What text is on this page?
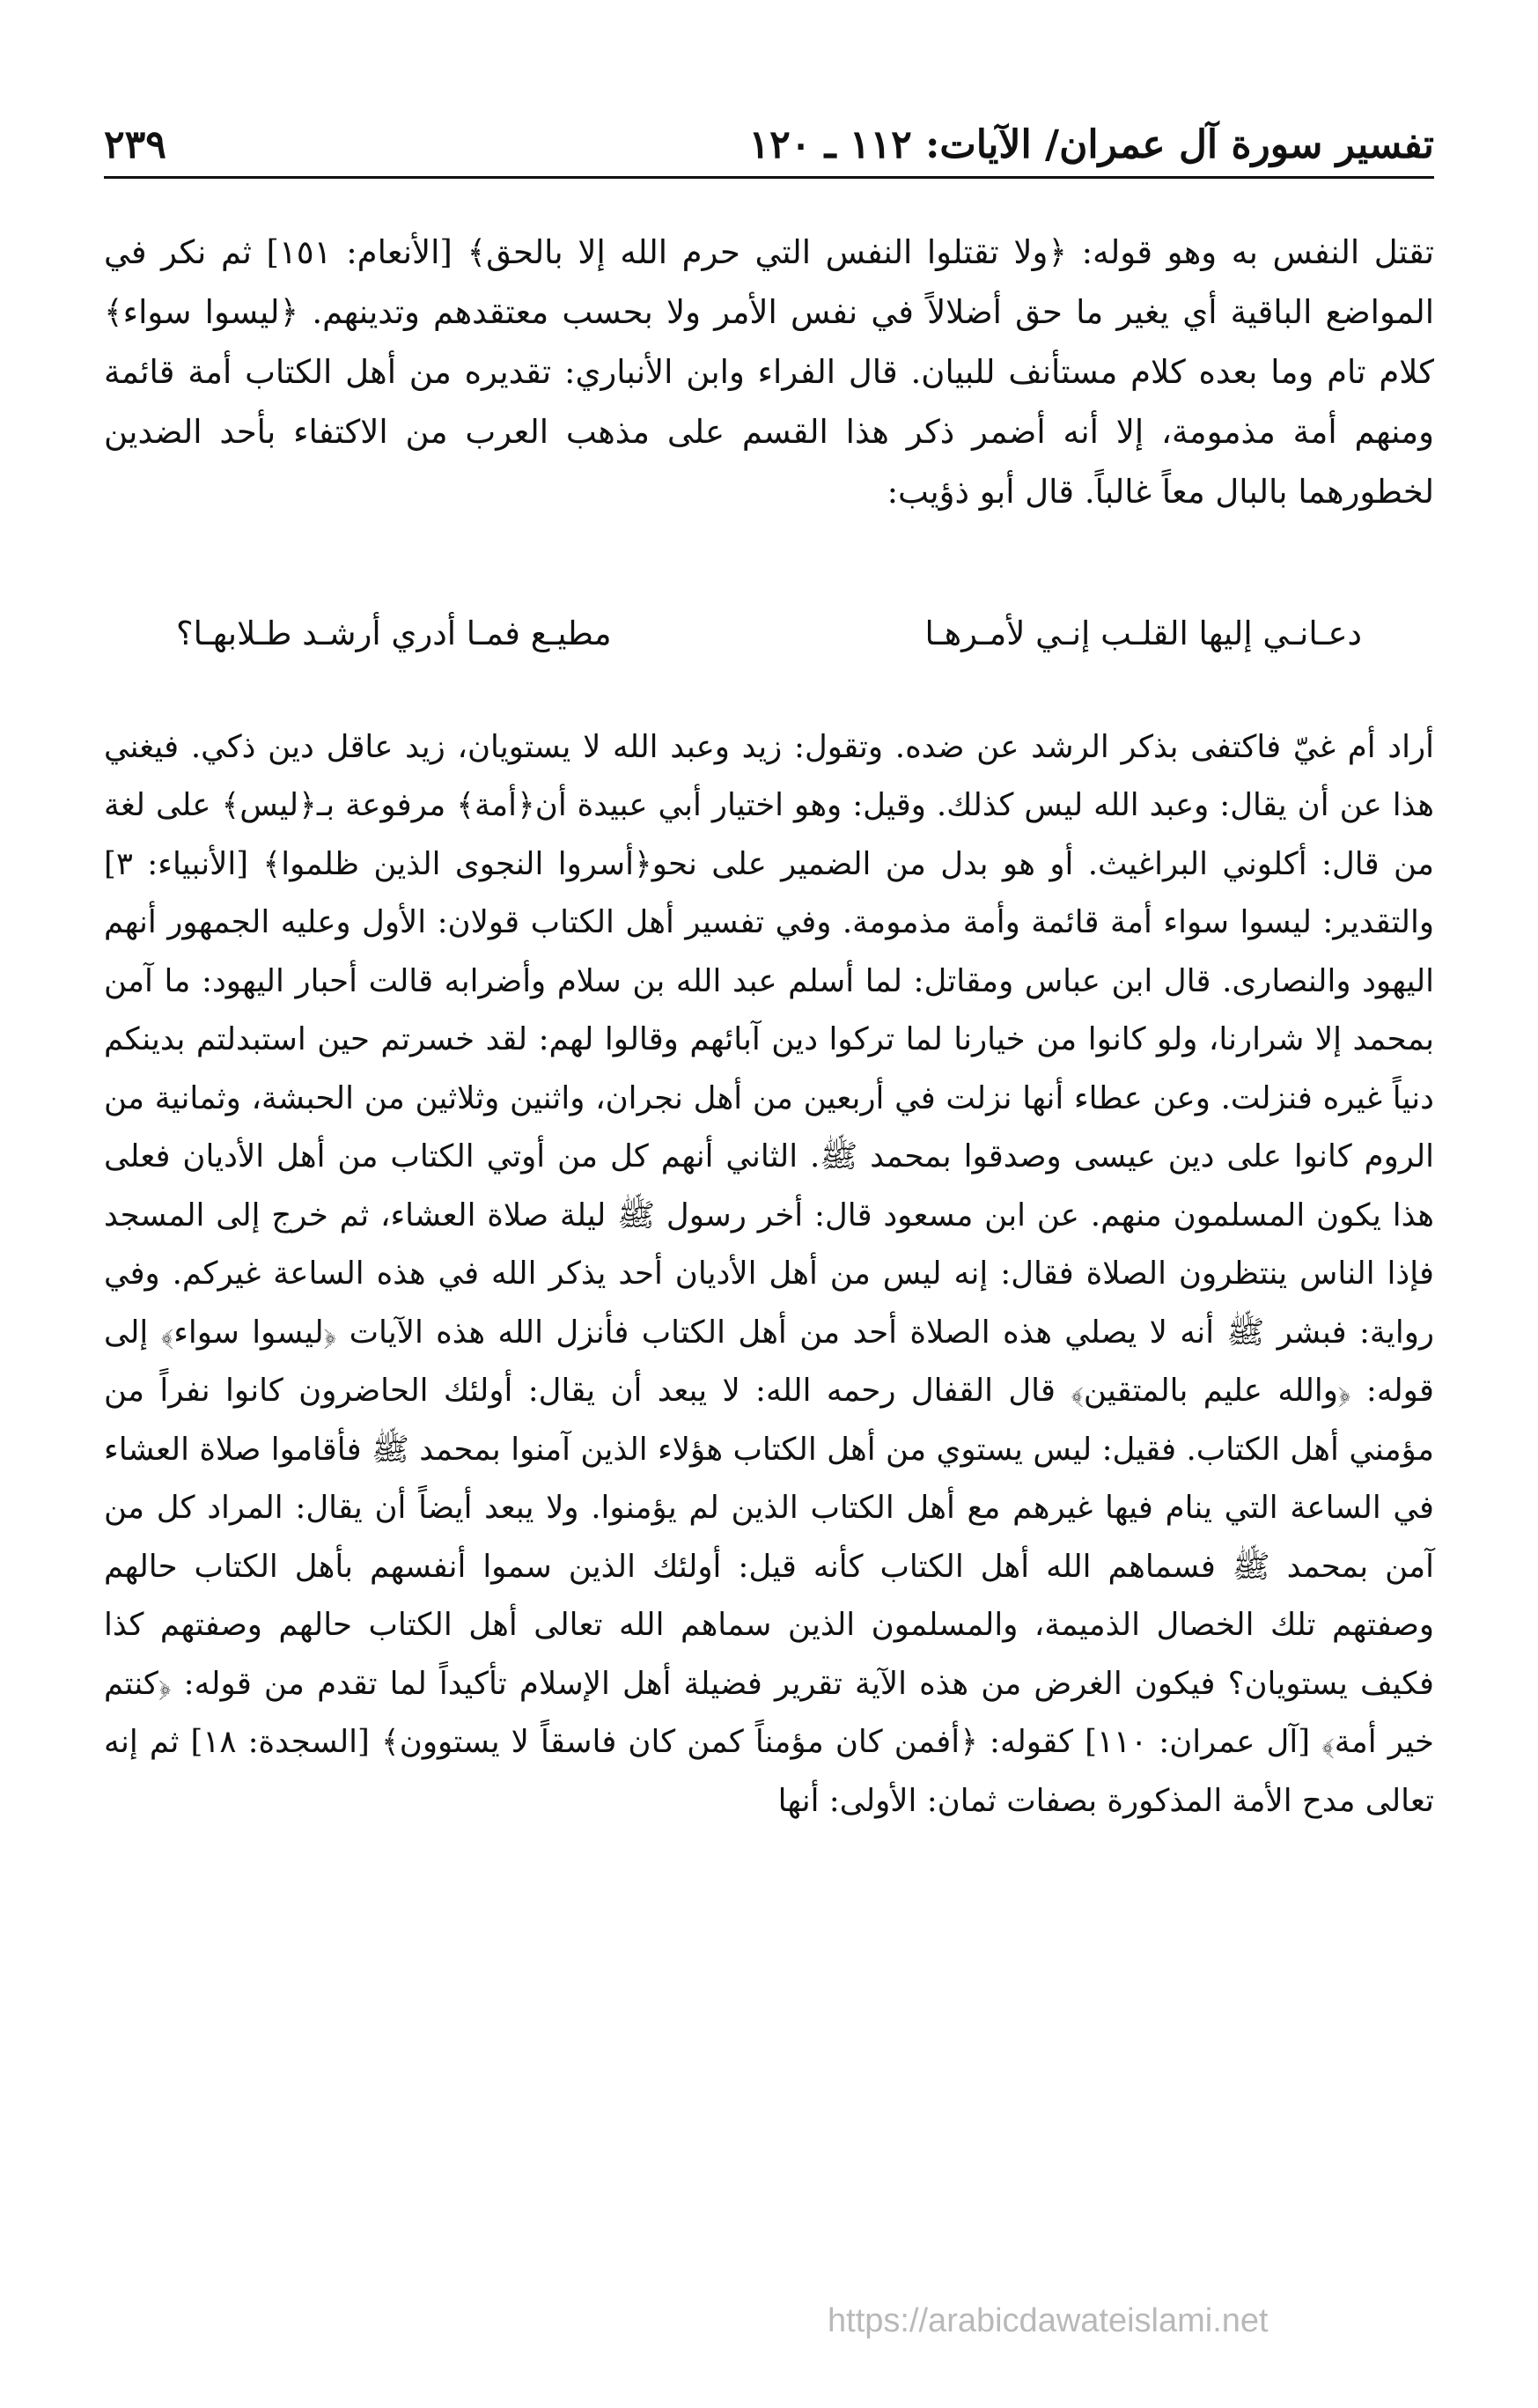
تفسير سورة آل عمران/ الآيات: ١١٢ ـ ١٢٠
٢٣٩

تقتل النفس به وهو قوله: ﴿ولا تقتلوا النفس التي حرم الله إلا بالحق﴾ [الأنعام: ١٥١] ثم نكر في المواضع الباقية أي يغير ما حق أضلالاً في نفس الأمر ولا بحسب معتقدهم وتدينهم. ﴿ليسوا سواء﴾ كلام تام وما بعده كلام مستأنف للبيان. قال الفراء وابن الأنباري: تقديره من أهل الكتاب أمة قائمة ومنهم أمة مذمومة، إلا أنه أضمر ذكر هذا القسم على مذهب العرب من الاكتفاء بأحد الضدين لخطورهما بالبال معاً غالباً. قال أبو ذؤيب:

دعـانـي إليها القلـب إنـي لأمـرهـا
مطيـع فمـا أدري أرشـد طـلابهـا؟

أراد أم غيّ فاكتفى بذكر الرشد عن ضده. وتقول: زيد وعبد الله لا يستويان، زيد عاقل دين ذكي. فيغني هذا عن أن يقال: وعبد الله ليس كذلك. وقيل: وهو اختيار أبي عبيدة أن﴿أمة﴾ مرفوعة بـ﴿ليس﴾ على لغة من قال: أكلوني البراغيث. أو هو بدل من الضمير على نحو﴿أسروا النجوى الذين ظلموا﴾ [الأنبياء: ٣] والتقدير: ليسوا سواء أمة قائمة وأمة مذمومة. وفي تفسير أهل الكتاب قولان: الأول وعليه الجمهور أنهم اليهود والنصارى. قال ابن عباس ومقاتل: لما أسلم عبد الله بن سلام وأضرابه قالت أحبار اليهود: ما آمن بمحمد إلا شرارنا، ولو كانوا من خيارنا لما تركوا دين آبائهم وقالوا لهم: لقد خسرتم حين استبدلتم بدينكم دنياً غيره فنزلت. وعن عطاء أنها نزلت في أربعين من أهل نجران، واثنين وثلاثين من الحبشة، وثمانية من الروم كانوا على دين عيسى وصدقوا بمحمد ﷺ. الثاني أنهم كل من أوتي الكتاب من أهل الأديان فعلى هذا يكون المسلمون منهم. عن ابن مسعود قال: أخر رسول ﷺ ليلة صلاة العشاء، ثم خرج إلى المسجد فإذا الناس ينتظرون الصلاة فقال: إنه ليس من أهل الأديان أحد يذكر الله في هذه الساعة غيركم. وفي رواية: فبشر ﷺ أنه لا يصلي هذه الصلاة أحد من أهل الكتاب فأنزل الله هذه الآيات ﴿ليسوا سواء﴾ إلى قوله: ﴿والله عليم بالمتقين﴾ قال القفال رحمه الله: لا يبعد أن يقال: أولئك الحاضرون كانوا نفراً من مؤمني أهل الكتاب. فقيل: ليس يستوي من أهل الكتاب هؤلاء الذين آمنوا بمحمد ﷺ فأقاموا صلاة العشاء في الساعة التي ينام فيها غيرهم مع أهل الكتاب الذين لم يؤمنوا. ولا يبعد أيضاً أن يقال: المراد كل من آمن بمحمد ﷺ فسماهم الله أهل الكتاب كأنه قيل: أولئك الذين سموا أنفسهم بأهل الكتاب حالهم وصفتهم تلك الخصال الذميمة، والمسلمون الذين سماهم الله تعالى أهل الكتاب حالهم وصفتهم كذا فكيف يستويان؟ فيكون الغرض من هذه الآية تقرير فضيلة أهل الإسلام تأكيداً لما تقدم من قوله: ﴿كنتم خير أمة﴾ [آل عمران: ١١٠] كقوله: ﴿أفمن كان مؤمناً كمن كان فاسقاً لا يستوون﴾ [السجدة: ١٨] ثم إنه تعالى مدح الأمة المذكورة بصفات ثمان: الأولى: أنها

https://arabicdawateislami.net
